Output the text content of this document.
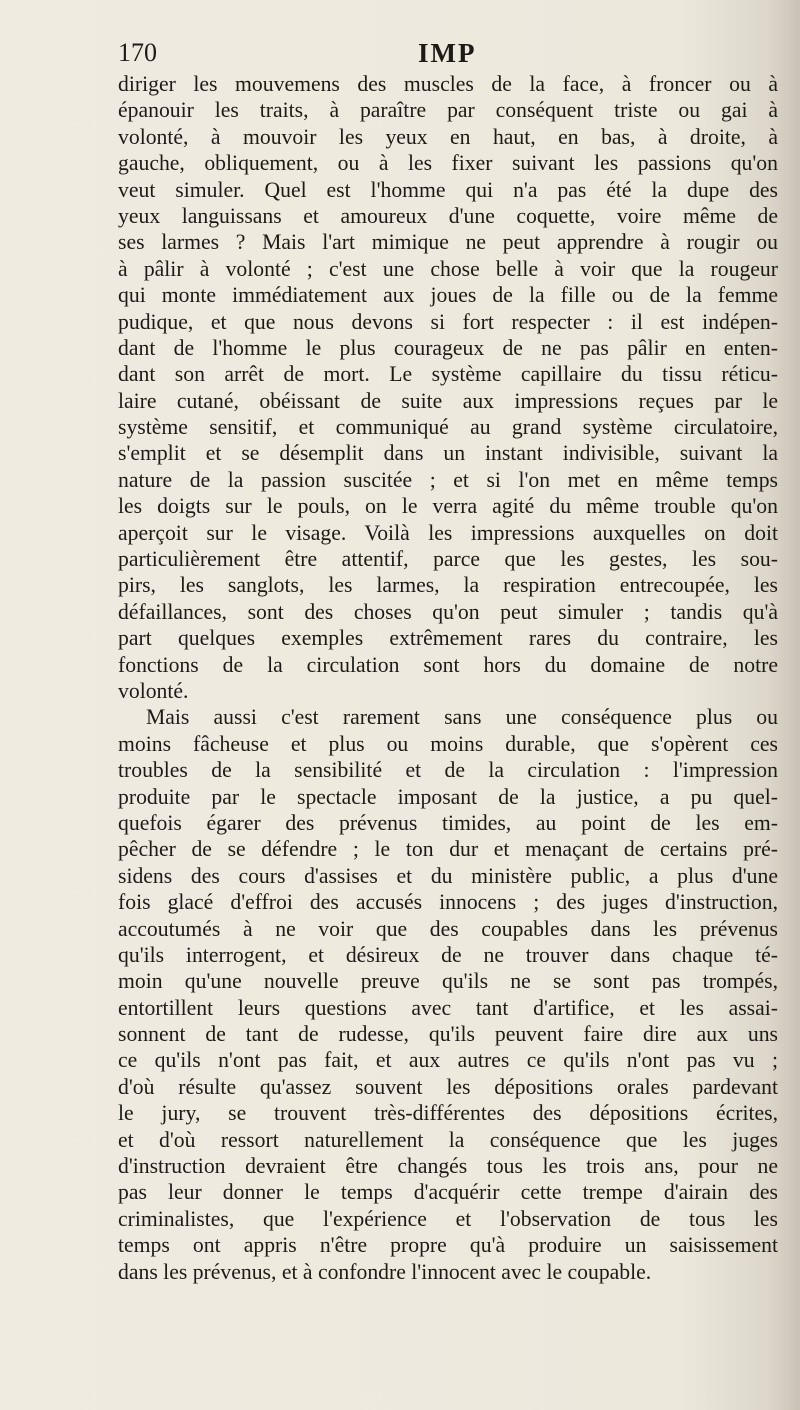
170	IMP
diriger les mouvemens des muscles de la face, à froncer ou à
épanouir les traits, à paraître par conséquent triste ou gai à
volonté, à mouvoir les yeux en haut, en bas, à droite, à
gauche, obliquement, ou à les fixer suivant les passions qu'on
veut simuler. Quel est l'homme qui n'a pas été la dupe des
yeux languissans et amoureux d'une coquette, voire même de
ses larmes ? Mais l'art mimique ne peut apprendre à rougir ou
à pâlir à volonté ; c'est une chose belle à voir que la rougeur
qui monte immédiatement aux joues de la fille ou de la femme
pudique, et que nous devons si fort respecter : il est indépen-
dant de l'homme le plus courageux de ne pas pâlir en enten-
dant son arrêt de mort. Le système capillaire du tissu réticu-
laire cutané, obéissant de suite aux impressions reçues par le
système sensitif, et communiqué au grand système circulatoire,
s'emplit et se désemplit dans un instant indivisible, suivant la
nature de la passion suscitée ; et si l'on met en même temps
les doigts sur le pouls, on le verra agité du même trouble qu'on
aperçoit sur le visage. Voilà les impressions auxquelles on doit
particulièrement être attentif, parce que les gestes, les sou-
pirs, les sanglots, les larmes, la respiration entrecoupée, les
défaillances, sont des choses qu'on peut simuler ; tandis qu'à
part quelques exemples extrêmement rares du contraire, les
fonctions de la circulation sont hors du domaine de notre
volonté.
Mais aussi c'est rarement sans une conséquence plus ou
moins fâcheuse et plus ou moins durable, que s'opèrent ces
troubles de la sensibilité et de la circulation : l'impression
produite par le spectacle imposant de la justice, a pu quel-
quefois égarer des prévenus timides, au point de les em-
pêcher de se défendre ; le ton dur et menaçant de certains pré-
sidens des cours d'assises et du ministère public, a plus d'une
fois glacé d'effroi des accusés innocens ; des juges d'instruction,
accoutumés à ne voir que des coupables dans les prévenus
qu'ils interrogent, et désireux de ne trouver dans chaque té-
moin qu'une nouvelle preuve qu'ils ne se sont pas trompés,
entortillent leurs questions avec tant d'artifice, et les assai-
sonnent de tant de rudesse, qu'ils peuvent faire dire aux uns
ce qu'ils n'ont pas fait, et aux autres ce qu'ils n'ont pas vu ;
d'où résulte qu'assez souvent les dépositions orales pardevant
le jury, se trouvent très-différentes des dépositions écrites,
et d'où ressort naturellement la conséquence que les juges
d'instruction devraient être changés tous les trois ans, pour ne
pas leur donner le temps d'acquérir cette trempe d'airain des
criminalistes, que l'expérience et l'observation de tous les
temps ont appris n'être propre qu'à produire un saisissement
dans les prévenus, et à confondre l'innocent avec le coupable.
